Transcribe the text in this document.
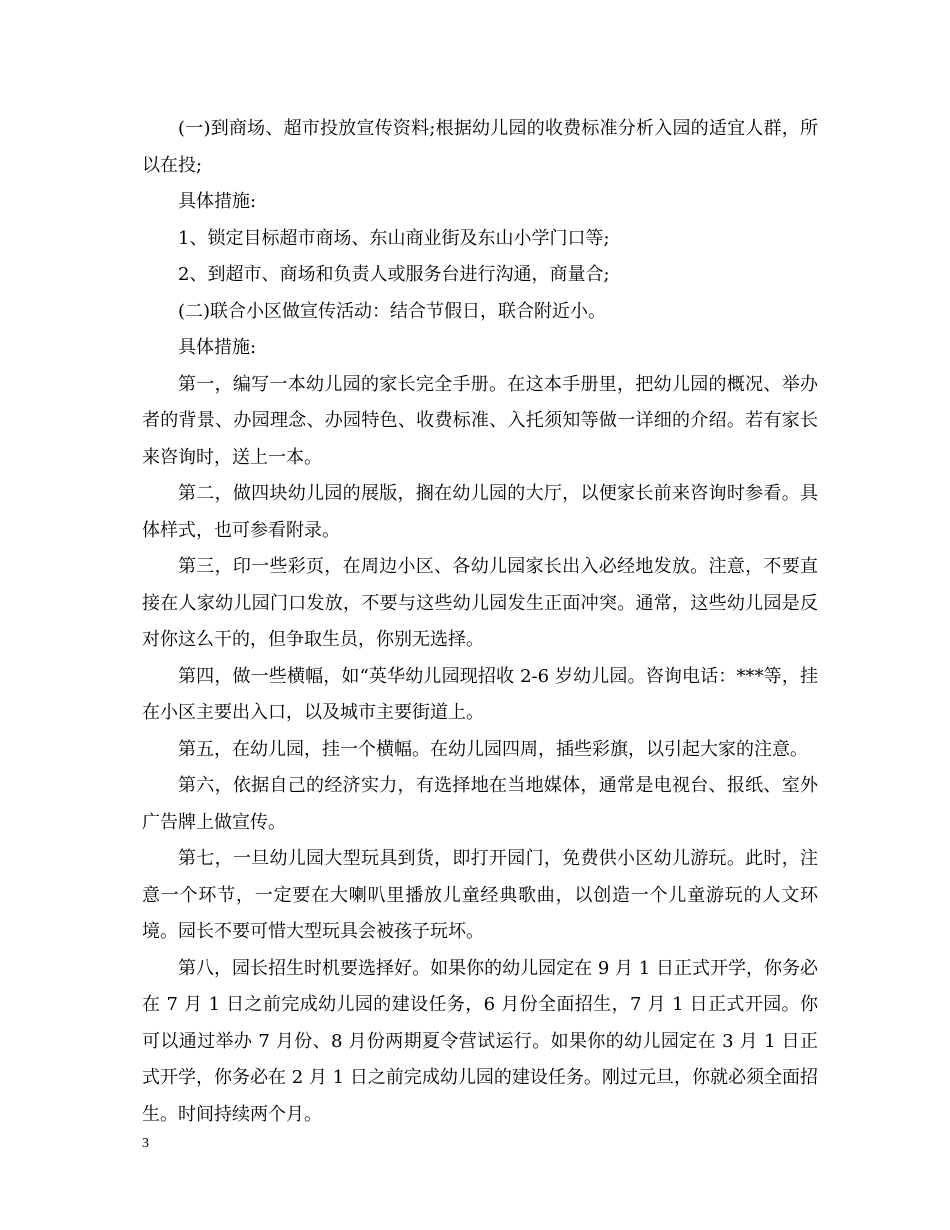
(一)到商场、超市投放宣传资料;根据幼儿园的收费标准分析入园的适宜人群，所以在投;

具体措施:

1、锁定目标超市商场、东山商业街及东山小学门口等;

2、到超市、商场和负责人或服务台进行沟通，商量合;

(二)联合小区做宣传活动：结合节假日，联合附近小。

具体措施:

第一，编写一本幼儿园的家长完全手册。在这本手册里，把幼儿园的概况、举办者的背景、办园理念、办园特色、收费标准、入托须知等做一详细的介绍。若有家长来咨询时，送上一本。

第二，做四块幼儿园的展版，搁在幼儿园的大厅，以便家长前来咨询时参看。具体样式，也可参看附录。

第三，印一些彩页，在周边小区、各幼儿园家长出入必经地发放。注意，不要直接在人家幼儿园门口发放，不要与这些幼儿园发生正面冲突。通常，这些幼儿园是反对你这么干的，但争取生员，你别无选择。

第四，做一些横幅，如“英华幼儿园现招收 2-6 岁幼儿园。咨询电话：***等，挂在小区主要出入口，以及城市主要街道上。

第五，在幼儿园，挂一个横幅。在幼儿园四周，插些彩旗，以引起大家的注意。

第六，依据自己的经济实力，有选择地在当地媒体，通常是电视台、报纸、室外广告牌上做宣传。

第七，一旦幼儿园大型玩具到货，即打开园门，免费供小区幼儿游玩。此时，注意一个环节，一定要在大喇叭里播放儿童经典歌曲，以创造一个儿童游玩的人文环境。园长不要可惜大型玩具会被孩子玩坏。

第八，园长招生时机要选择好。如果你的幼儿园定在 9 月 1 日正式开学，你务必在 7 月 1 日之前完成幼儿园的建设任务，6 月份全面招生，7 月 1 日正式开园。你可以通过举办 7 月份、8 月份两期夏令营试运行。如果你的幼儿园定在 3 月 1 日正式开学，你务必在 2 月 1 日之前完成幼儿园的建设任务。刚过元旦，你就必须全面招生。时间持续两个月。

3
